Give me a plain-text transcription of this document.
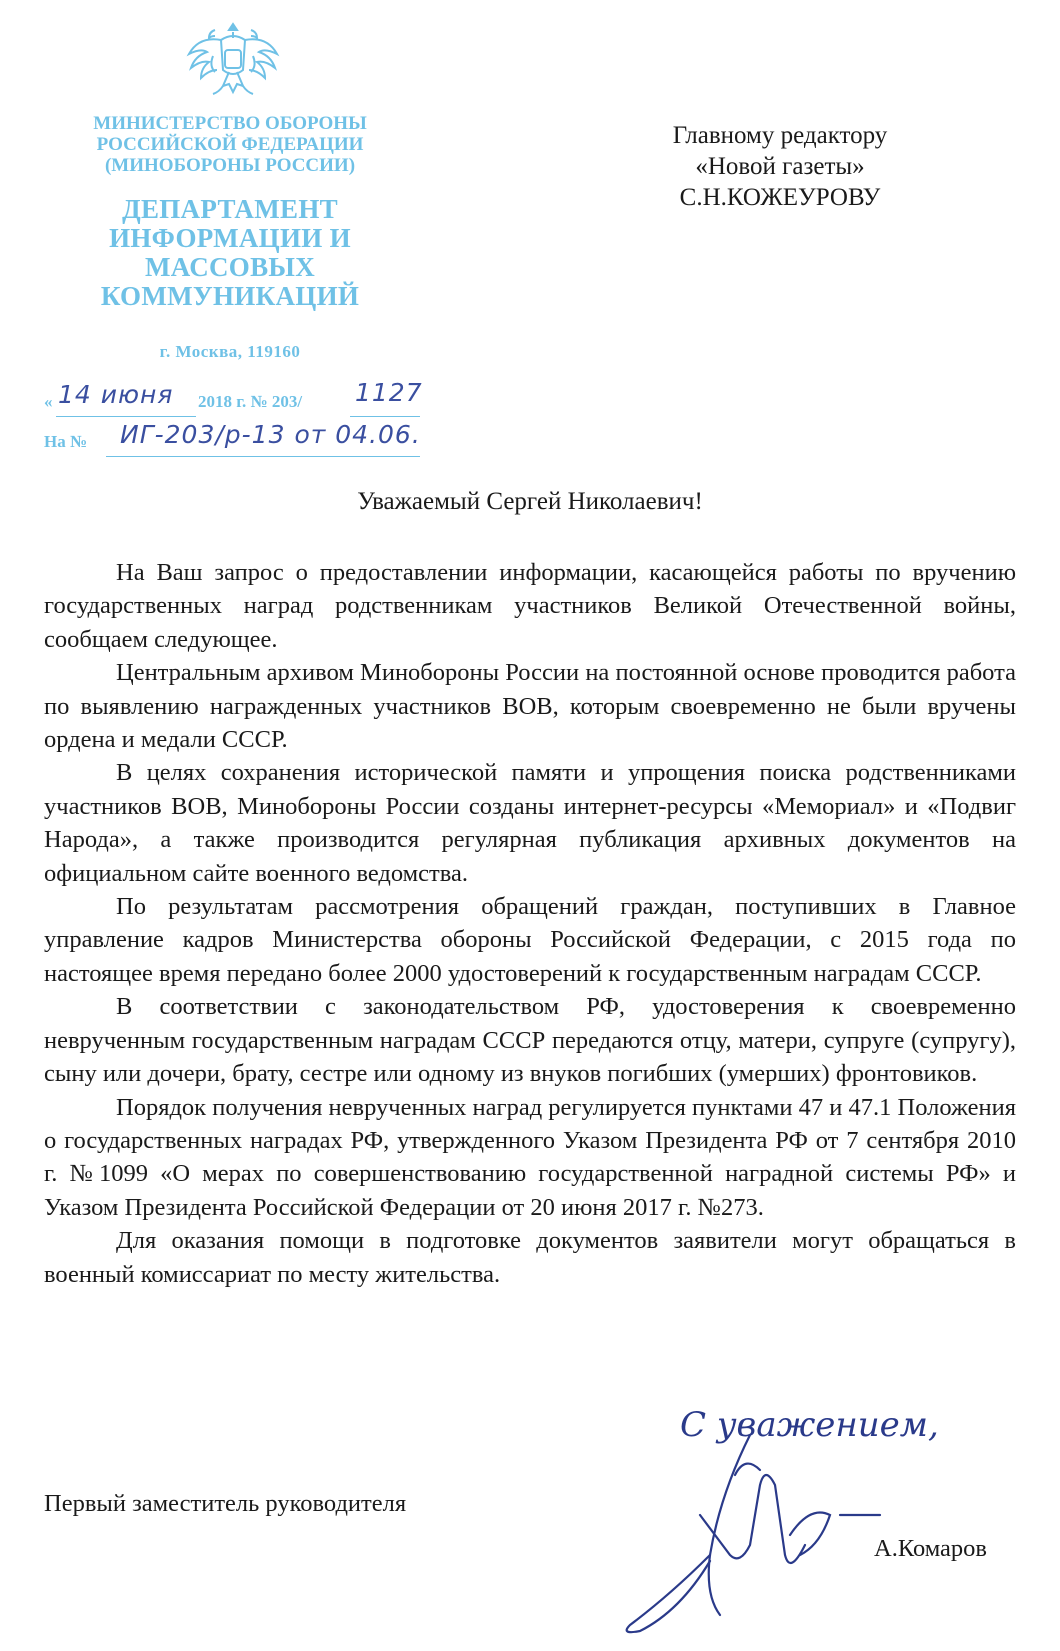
МИНИСТЕРСТВО ОБОРОНЫ
РОССИЙСКОЙ ФЕДЕРАЦИИ
(МИНОБОРОНЫ РОССИИ)
ДЕПАРТАМЕНТ
ИНФОРМАЦИИ И
МАССОВЫХ
КОММУНИКАЦИЙ
г. Москва, 119160
« 14 июня 2018 г. № 203/ 1127
На № ИГ-203/р-13 от 04.06.
Главному редактору
«Новой газеты»
С.Н.КОЖЕУРОВУ
Уважаемый Сергей Николаевич!

На Ваш запрос о предоставлении информации, касающейся работы по вручению государственных наград родственникам участников Великой Отечественной войны, сообщаем следующее.

Центральным архивом Минобороны России на постоянной основе проводится работа по выявлению награжденных участников ВОВ, которым своевременно не были вручены ордена и медали СССР.

В целях сохранения исторической памяти и упрощения поиска родственниками участников ВОВ, Минобороны России созданы интернет-ресурсы «Мемориал» и «Подвиг Народа», а также производится регулярная публикация архивных документов на официальном сайте военного ведомства.

По результатам рассмотрения обращений граждан, поступивших в Главное управление кадров Министерства обороны Российской Федерации, с 2015 года по настоящее время передано более 2000 удостоверений к государственным наградам СССР.

В соответствии с законодательством РФ, удостоверения к своевременно неврученным государственным наградам СССР передаются отцу, матери, супруге (супругу), сыну или дочери, брату, сестре или одному из внуков погибших (умерших) фронтовиков.

Порядок получения неврученных наград регулируется пунктами 47 и 47.1 Положения о государственных наградах РФ, утвержденного Указом Президента РФ от 7 сентября 2010 г. №1099 «О мерах по совершенствованию государственной наградной системы РФ» и Указом Президента Российской Федерации от 20 июня 2017 г. №273.

Для оказания помощи в подготовке документов заявители могут обращаться в военный комиссариат по месту жительства.

С уважением,
Первый заместитель руководителя
А.Комаров
